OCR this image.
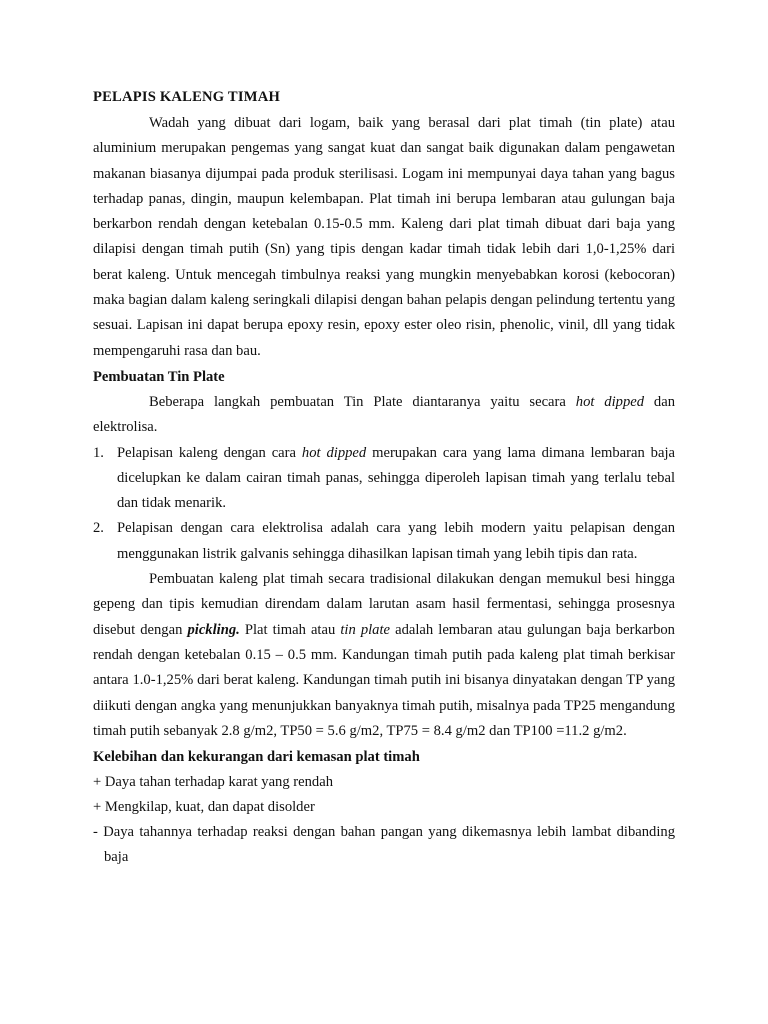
PELAPIS KALENG TIMAH

Wadah yang dibuat dari logam, baik yang berasal dari plat timah (tin plate) atau aluminium merupakan pengemas yang sangat kuat dan sangat baik digunakan dalam pengawetan makanan biasanya dijumpai pada produk sterilisasi. Logam ini mempunyai daya tahan yang bagus terhadap panas, dingin, maupun kelembapan. Plat timah ini berupa lembaran atau gulungan baja berkarbon rendah dengan ketebalan 0.15-0.5 mm. Kaleng dari plat timah dibuat dari baja yang dilapisi dengan timah putih (Sn) yang tipis dengan kadar timah tidak lebih dari 1,0-1,25% dari berat kaleng. Untuk mencegah timbulnya reaksi yang mungkin menyebabkan korosi (kebocoran) maka bagian dalam kaleng seringkali dilapisi dengan bahan pelapis dengan pelindung tertentu yang sesuai. Lapisan ini dapat berupa epoxy resin, epoxy ester oleo risin, phenolic, vinil, dll yang tidak mempengaruhi rasa dan bau.

Pembuatan Tin Plate

Beberapa langkah pembuatan Tin Plate diantaranya yaitu secara hot dipped dan elektrolisa.

1. Pelapisan kaleng dengan cara hot dipped merupakan cara yang lama dimana lembaran baja dicelupkan ke dalam cairan timah panas, sehingga diperoleh lapisan timah yang terlalu tebal dan tidak menarik.
2. Pelapisan dengan cara elektrolisa adalah cara yang lebih modern yaitu pelapisan dengan menggunakan listrik galvanis sehingga dihasilkan lapisan timah yang lebih tipis dan rata.

Pembuatan kaleng plat timah secara tradisional dilakukan dengan memukul besi hingga gepeng dan tipis kemudian direndam dalam larutan asam hasil fermentasi, sehingga prosesnya disebut dengan pickling. Plat timah atau tin plate adalah lembaran atau gulungan baja berkarbon rendah dengan ketebalan 0.15 – 0.5 mm. Kandungan timah putih pada kaleng plat timah berkisar antara 1.0-1,25% dari berat kaleng. Kandungan timah putih ini bisanya dinyatakan dengan TP yang diikuti dengan angka yang menunjukkan banyaknya timah putih, misalnya pada TP25 mengandung timah putih sebanyak 2.8 g/m2, TP50 = 5.6 g/m2, TP75 = 8.4 g/m2 dan TP100 =11.2 g/m2.

Kelebihan dan kekurangan dari kemasan plat timah

+ Daya tahan terhadap karat yang rendah

+ Mengkilap, kuat, dan dapat disolder

- Daya tahannya terhadap reaksi dengan bahan pangan yang dikemasnya lebih lambat dibanding baja
